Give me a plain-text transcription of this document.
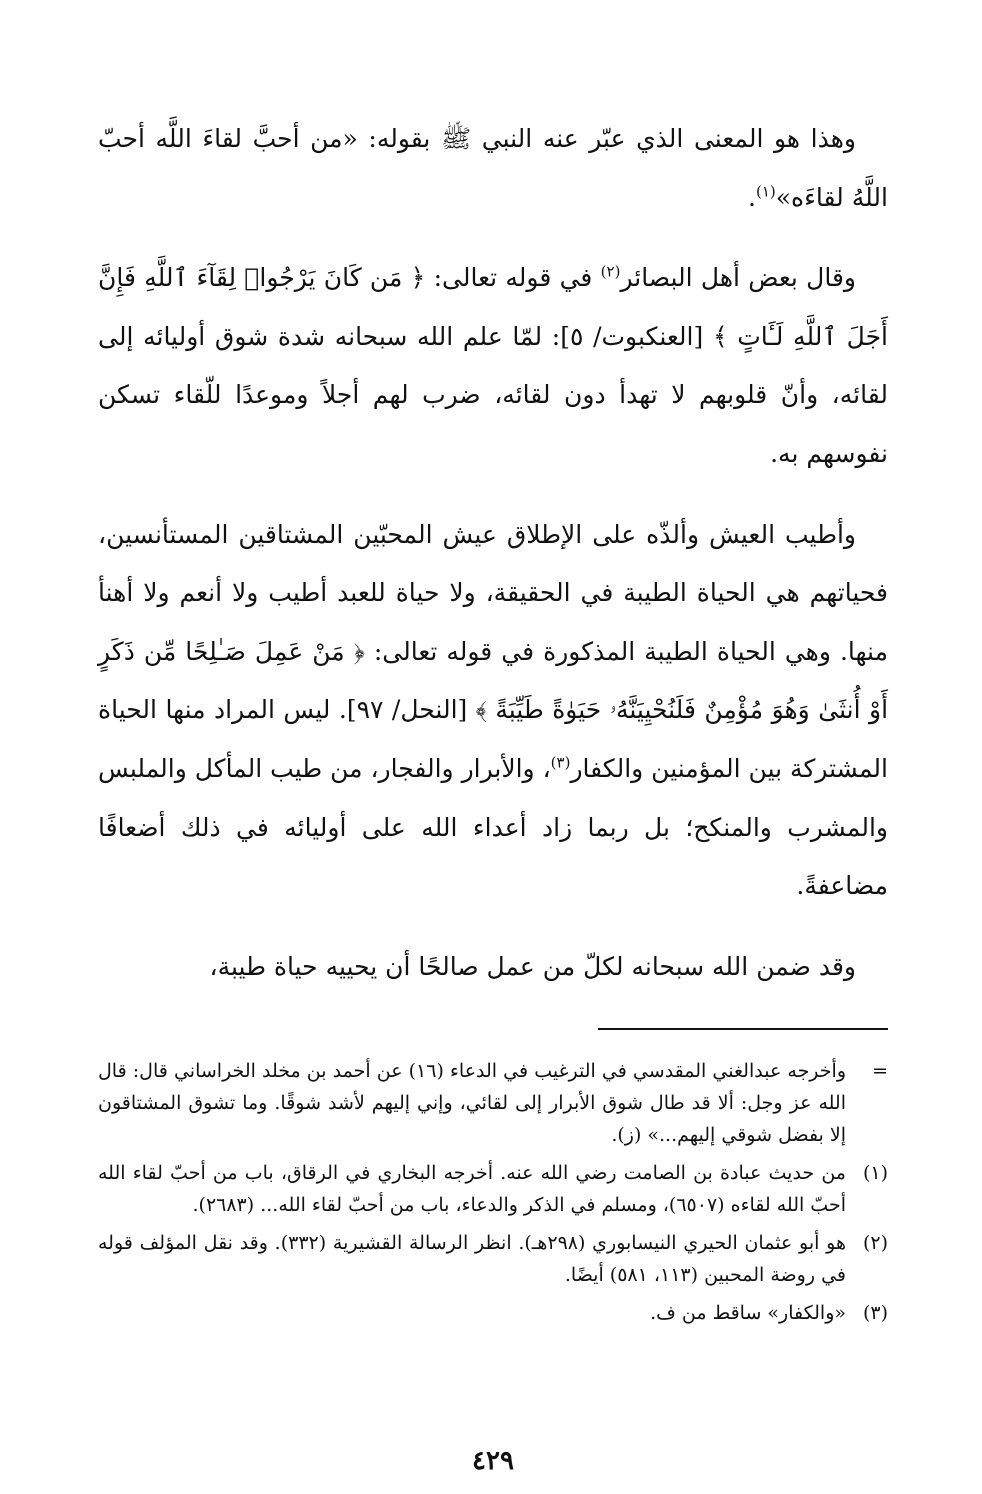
وهذا هو المعنى الذي عبّر عنه النبي ﷺ بقوله: «من أحبَّ لقاءَ اللَّه أحبّ اللَّهُ لقاءَه»$^{(١)}$.

وقال بعض أهل البصائر$^{(٢)}$ في قوله تعالى: ﴿ مَن كَانَ يَرْجُوا۟ لِقَآءَ ٱللَّهِ فَإِنَّ أَجَلَ ٱللَّهِ لَـَٔاتٍ ﴾ [العنكبوت/ ٥]: لمّا علم الله سبحانه شدة شوق أوليائه إلى لقائه، وأنّ قلوبهم لا تهدأ دون لقائه، ضرب لهم أجلاً وموعدًا للّقاء تسكن نفوسهم به.

وأطيب العيش وألذّه على الإطلاق عيش المحبّين المشتاقين المستأنسين، فحياتهم هي الحياة الطيبة في الحقيقة، ولا حياة للعبد أطيب ولا أنعم ولا أهنأ منها. وهي الحياة الطيبة المذكورة في قوله تعالى: ﴿ مَنْ عَمِلَ صَـٰلِحًا مِّن ذَكَرٍ أَوْ أُنثَىٰ وَهُوَ مُؤْمِنٌ فَلَنُحْيِيَنَّهُۥ حَيَوٰةً طَيِّبَةً ﴾ [النحل/ ٩٧]. ليس المراد منها الحياة المشتركة بين المؤمنين والكفار$^{(٣)}$، والأبرار والفجار، من طيب المأكل والملبس والمشرب والمنكح؛ بل ربما زاد أعداء الله على أوليائه في ذلك أضعافًا مضاعفةً.

وقد ضمن الله سبحانه لكلّ من عمل صالحًا أن يحييه حياة طيبة،

=
وأخرجه عبدالغني المقدسي في الترغيب في الدعاء (١٦) عن أحمد بن مخلد الخراساني قال: قال الله عز وجل: ألا قد طال شوق الأبرار إلى لقائي، وإني إليهم لأشد شوقًا. وما تشوق المشتاقون إلا بفضل شوقي إليهم...» (ز).
(١)
من حديث عبادة بن الصامت رضي الله عنه. أخرجه البخاري في الرقاق، باب من أحبّ لقاء الله أحبّ الله لقاءه (٦٥٠٧)، ومسلم في الذكر والدعاء، باب من أحبّ لقاء الله... (٢٦٨٣).
(٢)
هو أبو عثمان الحيري النيسابوري (٢٩٨هـ). انظر الرسالة القشيرية (٣٣٢). وقد نقل المؤلف قوله في روضة المحبين (١١٣، ٥٨١) أيضًا.
(٣)
«والكفار» ساقط من ف.
٤٢٩
